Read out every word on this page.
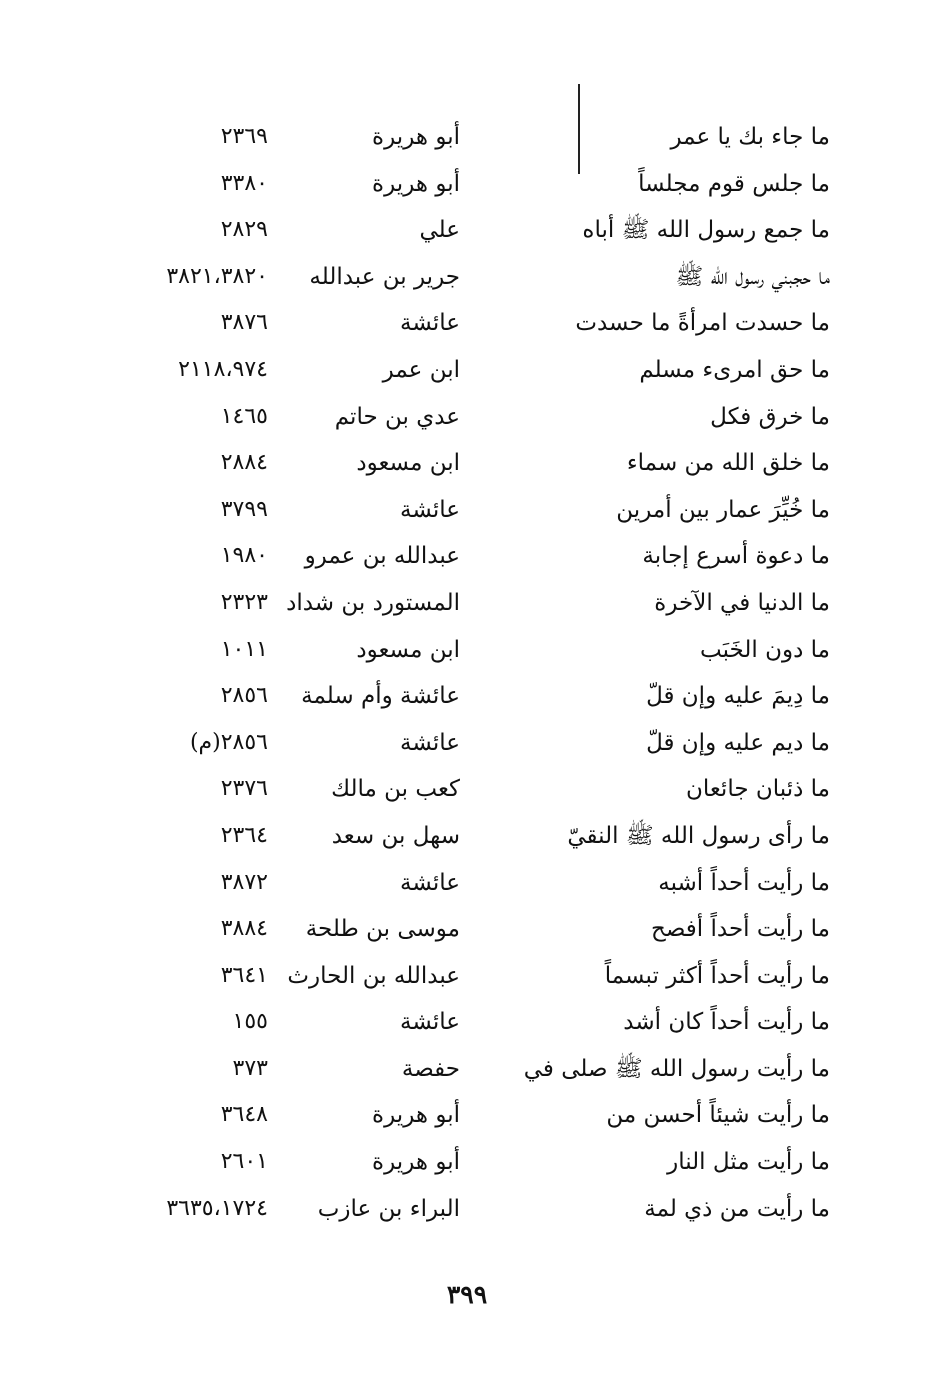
ما جاء بك يا عمر
أبو هريرة
٢٣٦٩
ما جلس قوم مجلساً
أبو هريرة
٣٣٨٠
ما جمع رسول الله ﷺ أباه
علي
٢٨٢٩
ما حجبني رسول الله ﷺ
جرير بن عبدالله
٣٨٢١،٣٨٢٠
ما حسدت امرأةً ما حسدت
عائشة
٣٨٧٦
ما حق امرىء مسلم
ابن عمر
٢١١٨،٩٧٤
ما خرق فكل
عدي بن حاتم
١٤٦٥
ما خلق الله من سماء
ابن مسعود
٢٨٨٤
ما خُيِّرَ عمار بين أمرين
عائشة
٣٧٩٩
ما دعوة أسرع إجابة
عبدالله بن عمرو
١٩٨٠
ما الدنيا في الآخرة
المستورد بن شداد
٢٣٢٣
ما دون الخَبَب
ابن مسعود
١٠١١
ما دِيمَ عليه وإن قلّ
عائشة وأم سلمة
٢٨٥٦
ما ديم عليه وإن قلّ
عائشة
٢٨٥٦(م)
ما ذئبان جائعان
كعب بن مالك
٢٣٧٦
ما رأى رسول الله ﷺ النقيّ
سهل بن سعد
٢٣٦٤
ما رأيت أحداً أشبه
عائشة
٣٨٧٢
ما رأيت أحداً أفصح
موسى بن طلحة
٣٨٨٤
ما رأيت أحداً أكثر تبسماً
عبدالله بن الحارث
٣٦٤١
ما رأيت أحداً كان أشد
عائشة
١٥٥
ما رأيت رسول الله ﷺ صلى في
حفصة
٣٧٣
ما رأيت شيئاً أحسن من
أبو هريرة
٣٦٤٨
ما رأيت مثل النار
أبو هريرة
٢٦٠١
ما رأيت من ذي لمة
البراء بن عازب
٣٦٣٥،١٧٢٤
٣٩٩
